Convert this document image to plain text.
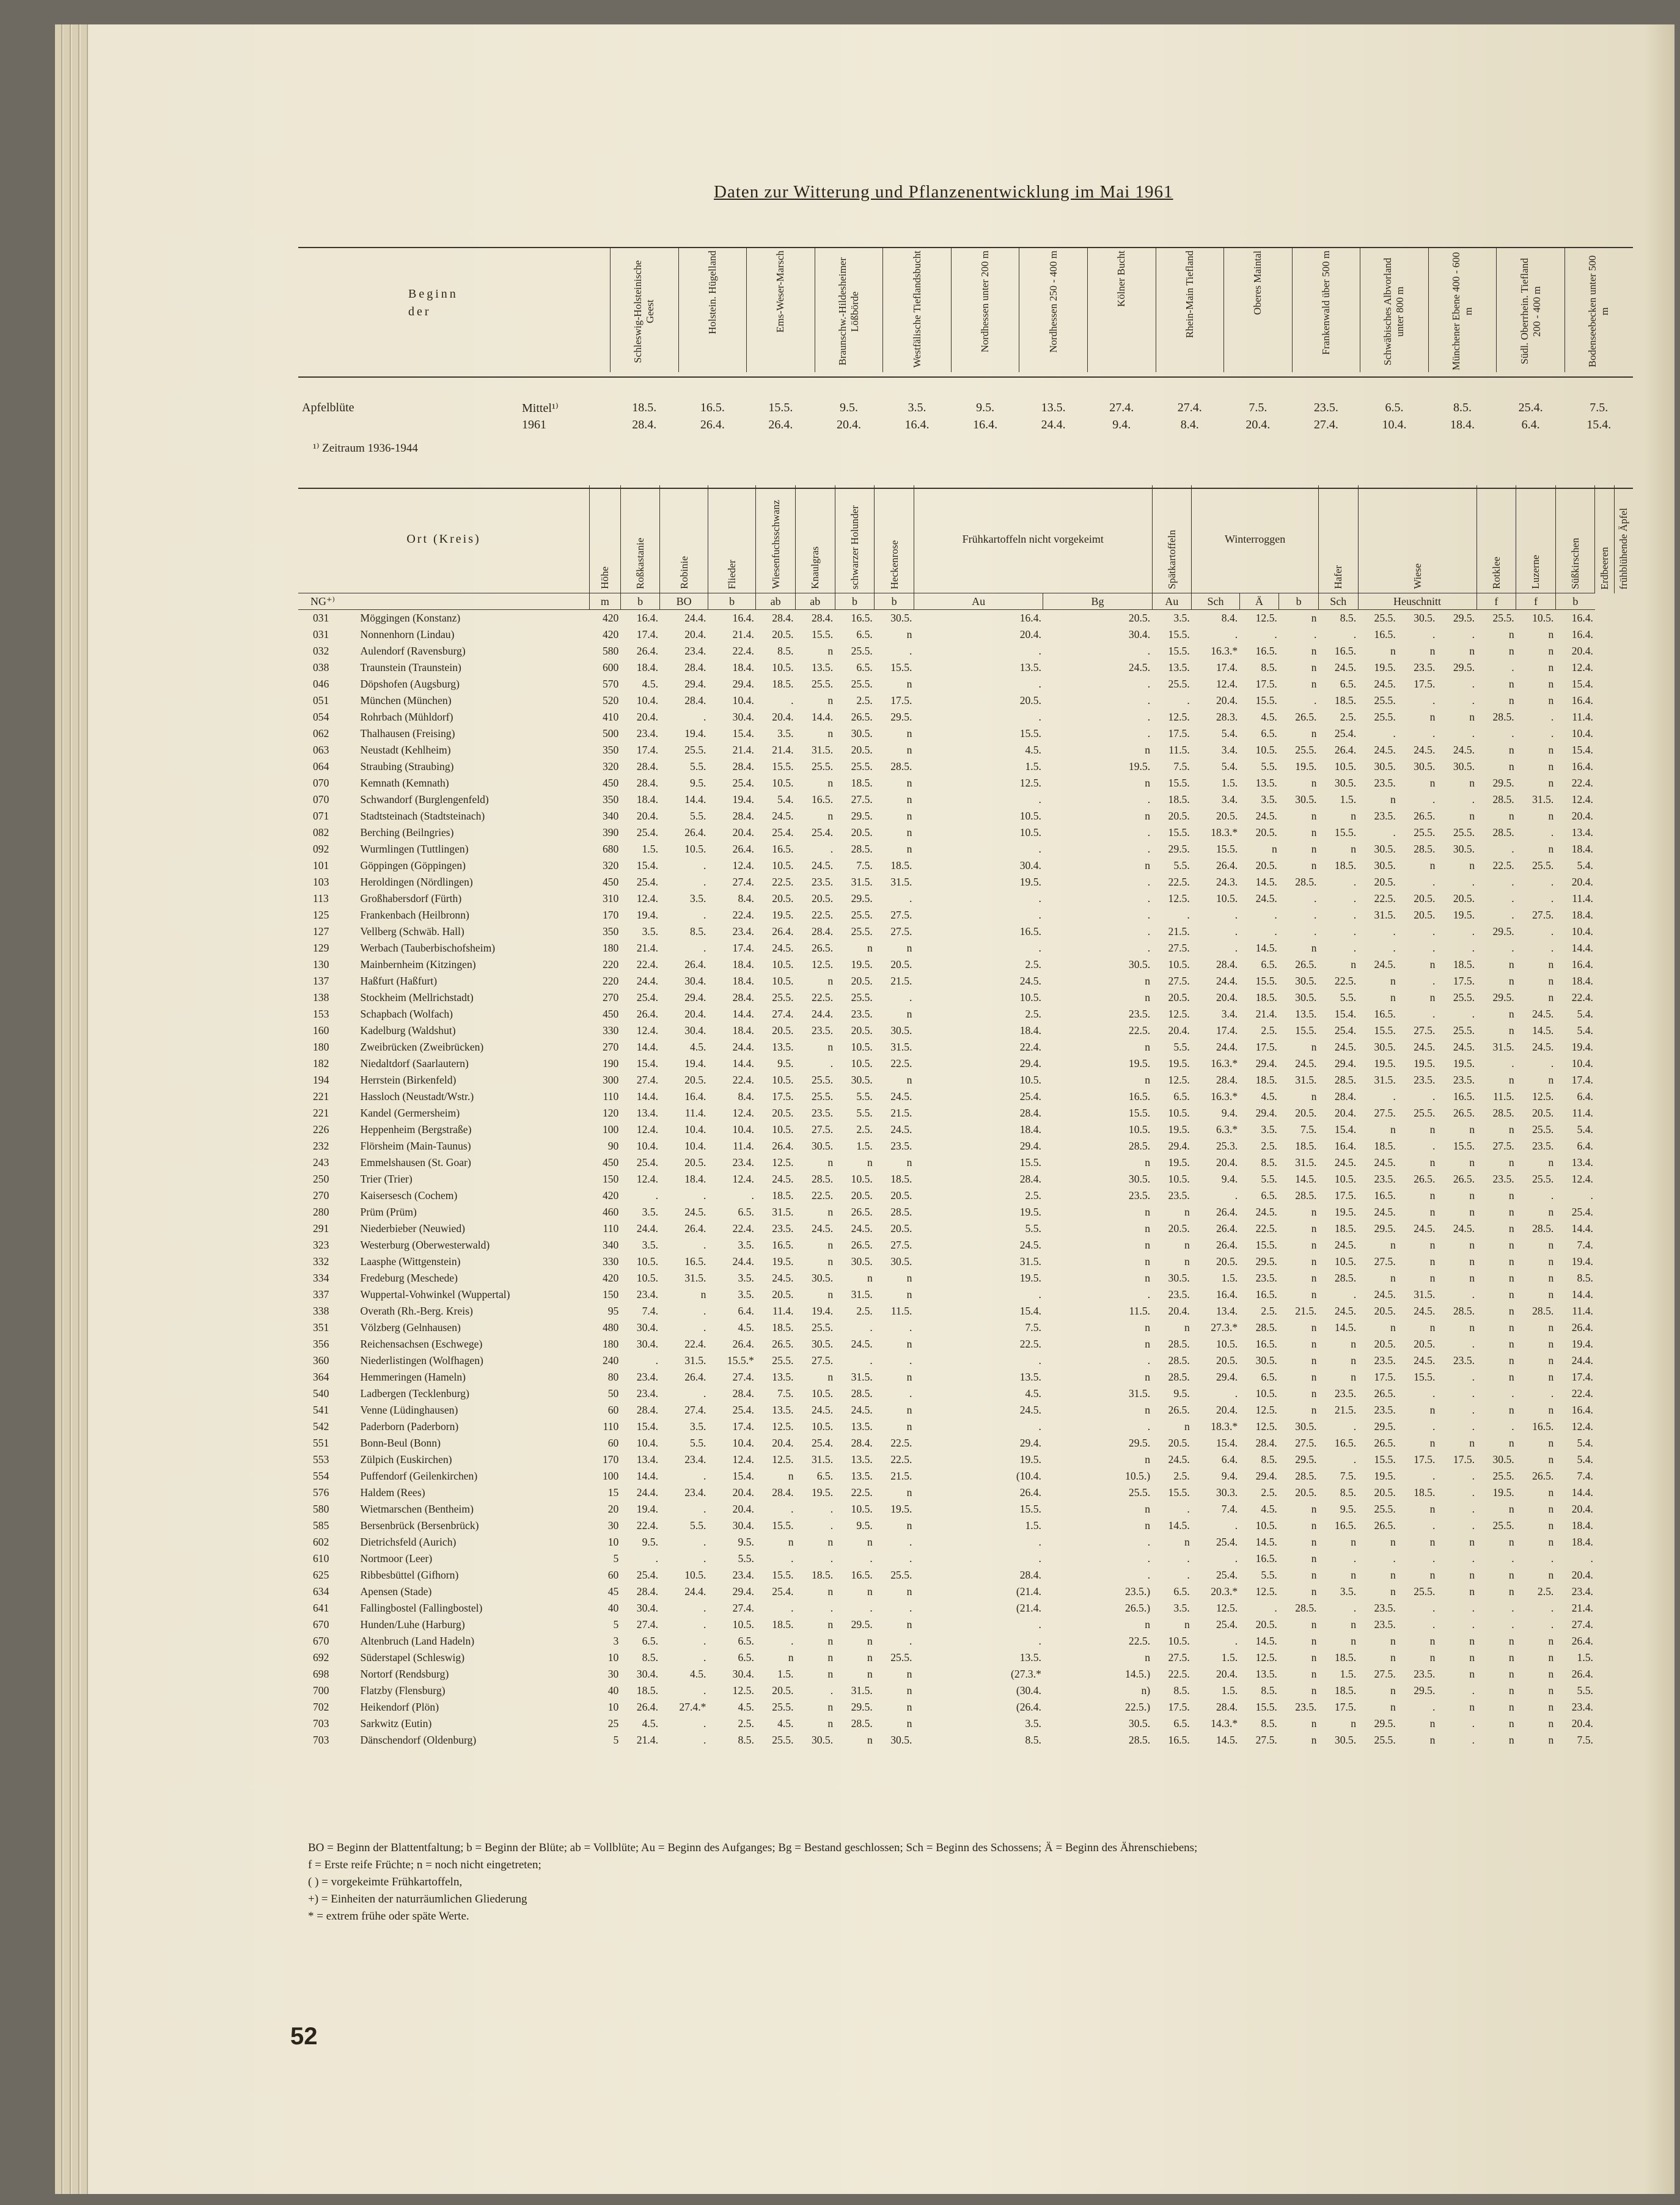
Daten zur Witterung und Pflanzenentwicklung im Mai 1961
Beginn
der		Schleswig-Holsteinische Geest	Holstein. Hügelland	Ems-Weser-Marsch	Braunschw.-Hildesheimer Lößbörde	Westfälische Tieflandsbucht	Nordhessen unter 200 m	Nordhessen 250 - 400 m	Kölner Bucht	Rhein-Main Tiefland	Oberes Maintal	Frankenwald über 500 m	Schwäbisches Albvorland unter 800 m	Münchener Ebene 400 - 600 m	Südl. Oberrhein. Tiefland 200 - 400 m	Bodenseebecken unter 500 m

Apfelblüte	Mittel¹⁾	18.5.	16.5.	15.5.	9.5.	3.5.	9.5.	13.5.	27.4.	27.4.	7.5.	23.5.	6.5.	8.5.	25.4.	7.5.
	1961	28.4.	26.4.	26.4.	20.4.	16.4.	16.4.	24.4.	9.4.	8.4.	20.4.	27.4.	10.4.	18.4.	6.4.	15.4.
¹⁾ Zeitraum 1936-1944
Ort (Kreis)		Höhe	Roßkastanie	Robinie	Flieder	Wiesenfuchsschwanz	Knaulgras	schwarzer Holunder	Heckenrose	Frühkartoffeln nicht vorgekeimt		Spätkartoffeln	Winterroggen			Hafer	Wiese			Rotklee	Luzerne	Süßkirschen	Erdbeeren	frühblühende Äpfel

NG⁺⁾		m	b	BO	b	ab	ab	b	b	Au	Bg	Au	Sch	Ä	b	Sch	Heuschnitt			f	f	b		
031	Möggingen (Konstanz)	420	16.4.	24.4.	16.4.	28.4.	28.4.	16.5.	30.5.	16.4.	20.5.	3.5.	8.4.	12.5.	n	8.5.	25.5.	30.5.	29.5.	25.5.	10.5.	16.4.		
031	Nonnenhorn (Lindau)	420	17.4.	20.4.	21.4.	20.5.	15.5.	6.5.	n	20.4.	30.4.	15.5.	.	.	.	.	16.5.	.	.	n	n	16.4.		
032	Aulendorf (Ravensburg)	580	26.4.	23.4.	22.4.	8.5.	n	25.5.	.	.	.	15.5.	16.3.*	16.5.	n	16.5.	n	n	n	n	n	20.4.		
038	Traunstein (Traunstein)	600	18.4.	28.4.	18.4.	10.5.	13.5.	6.5.	15.5.	13.5.	24.5.	13.5.	17.4.	8.5.	n	24.5.	19.5.	23.5.	29.5.	.	n	12.4.		
046	Döpshofen (Augsburg)	570	4.5.	29.4.	29.4.	18.5.	25.5.	25.5.	n	.	.	25.5.	12.4.	17.5.	n	6.5.	24.5.	17.5.	.	n	n	15.4.		
051	München (München)	520	10.4.	28.4.	10.4.	.	n	2.5.	17.5.	20.5.	.	.	20.4.	15.5.	.	18.5.	25.5.	.	.	n	n	16.4.		
054	Rohrbach (Mühldorf)	410	20.4.	.	30.4.	20.4.	14.4.	26.5.	29.5.	.	.	12.5.	28.3.	4.5.	26.5.	2.5.	25.5.	n	n	28.5.	.	11.4.		
062	Thalhausen (Freising)	500	23.4.	19.4.	15.4.	3.5.	n	30.5.	n	15.5.	.	17.5.	5.4.	6.5.	n	25.4.	.	.	.	.	.	10.4.		
063	Neustadt (Kehlheim)	350	17.4.	25.5.	21.4.	21.4.	31.5.	20.5.	n	4.5.	n	11.5.	3.4.	10.5.	25.5.	26.4.	24.5.	24.5.	24.5.	n	n	15.4.		
064	Straubing (Straubing)	320	28.4.	5.5.	28.4.	15.5.	25.5.	25.5.	28.5.	1.5.	19.5.	7.5.	5.4.	5.5.	19.5.	10.5.	30.5.	30.5.	30.5.	n	n	16.4.		
070	Kemnath (Kemnath)	450	28.4.	9.5.	25.4.	10.5.	n	18.5.	n	12.5.	n	15.5.	1.5.	13.5.	n	30.5.	23.5.	n	n	29.5.	n	22.4.		
070	Schwandorf (Burglengenfeld)	350	18.4.	14.4.	19.4.	5.4.	16.5.	27.5.	n	.	.	18.5.	3.4.	3.5.	30.5.	1.5.	n	.	.	28.5.	31.5.	12.4.		
071	Stadtsteinach (Stadtsteinach)	340	20.4.	5.5.	28.4.	24.5.	n	29.5.	n	10.5.	n	20.5.	20.5.	24.5.	n	n	23.5.	26.5.	n	n	n	20.4.		
082	Berching (Beilngries)	390	25.4.	26.4.	20.4.	25.4.	25.4.	20.5.	n	10.5.	.	15.5.	18.3.*	20.5.	n	15.5.	.	25.5.	25.5.	28.5.	.	13.4.		
092	Wurmlingen (Tuttlingen)	680	1.5.	10.5.	26.4.	16.5.	.	28.5.	n	.	.	29.5.	15.5.	n	n	n	30.5.	28.5.	30.5.	.	n	18.4.		
101	Göppingen (Göppingen)	320	15.4.	.	12.4.	10.5.	24.5.	7.5.	18.5.	30.4.	n	5.5.	26.4.	20.5.	n	18.5.	30.5.	n	n	22.5.	25.5.	5.4.		
103	Heroldingen (Nördlingen)	450	25.4.	.	27.4.	22.5.	23.5.	31.5.	31.5.	19.5.	.	22.5.	24.3.	14.5.	28.5.	.	20.5.	.	.	.	.	20.4.		
113	Großhabersdorf (Fürth)	310	12.4.	3.5.	8.4.	20.5.	20.5.	29.5.	.	.	.	12.5.	10.5.	24.5.	.	.	22.5.	20.5.	20.5.	.	.	11.4.		
125	Frankenbach (Heilbronn)	170	19.4.	.	22.4.	19.5.	22.5.	25.5.	27.5.	.	.	.	.	.	.	.	31.5.	20.5.	19.5.	.	27.5.	18.4.		
127	Vellberg (Schwäb. Hall)	350	3.5.	8.5.	23.4.	26.4.	28.4.	25.5.	27.5.	16.5.	.	21.5.	.	.	.	.	.	.	.	29.5.	.	10.4.		
129	Werbach (Tauberbischofsheim)	180	21.4.	.	17.4.	24.5.	26.5.	n	n	.	.	27.5.	.	14.5.	n	.	.	.	.	.	.	14.4.		
130	Mainbernheim (Kitzingen)	220	22.4.	26.4.	18.4.	10.5.	12.5.	19.5.	20.5.	2.5.	30.5.	10.5.	28.4.	6.5.	26.5.	n	24.5.	n	18.5.	n	n	16.4.		
137	Haßfurt (Haßfurt)	220	24.4.	30.4.	18.4.	10.5.	n	20.5.	21.5.	24.5.	n	27.5.	24.4.	15.5.	30.5.	22.5.	n	.	17.5.	n	n	18.4.		
138	Stockheim (Mellrichstadt)	270	25.4.	29.4.	28.4.	25.5.	22.5.	25.5.	.	10.5.	n	20.5.	20.4.	18.5.	30.5.	5.5.	n	n	25.5.	29.5.	n	22.4.		
153	Schapbach (Wolfach)	450	26.4.	20.4.	14.4.	27.4.	24.4.	23.5.	n	2.5.	23.5.	12.5.	3.4.	21.4.	13.5.	15.4.	16.5.	.	.	n	24.5.	5.4.		
160	Kadelburg (Waldshut)	330	12.4.	30.4.	18.4.	20.5.	23.5.	20.5.	30.5.	18.4.	22.5.	20.4.	17.4.	2.5.	15.5.	25.4.	15.5.	27.5.	25.5.	n	14.5.	5.4.		
180	Zweibrücken (Zweibrücken)	270	14.4.	4.5.	24.4.	13.5.	n	10.5.	31.5.	22.4.	n	5.5.	24.4.	17.5.	n	24.5.	30.5.	24.5.	24.5.	31.5.	24.5.	19.4.		
182	Niedaltdorf (Saarlautern)	190	15.4.	19.4.	14.4.	9.5.	.	10.5.	22.5.	29.4.	19.5.	19.5.	16.3.*	29.4.	24.5.	29.4.	19.5.	19.5.	19.5.	.	.	10.4.		
194	Herrstein (Birkenfeld)	300	27.4.	20.5.	22.4.	10.5.	25.5.	30.5.	n	10.5.	n	12.5.	28.4.	18.5.	31.5.	28.5.	31.5.	23.5.	23.5.	n	n	17.4.		
221	Hassloch (Neustadt/Wstr.)	110	14.4.	16.4.	8.4.	17.5.	25.5.	5.5.	24.5.	25.4.	16.5.	6.5.	16.3.*	4.5.	n	28.4.	.	.	16.5.	11.5.	12.5.	6.4.		
221	Kandel (Germersheim)	120	13.4.	11.4.	12.4.	20.5.	23.5.	5.5.	21.5.	28.4.	15.5.	10.5.	9.4.	29.4.	20.5.	20.4.	27.5.	25.5.	26.5.	28.5.	20.5.	11.4.		
226	Heppenheim (Bergstraße)	100	12.4.	10.4.	10.4.	10.5.	27.5.	2.5.	24.5.	18.4.	10.5.	19.5.	6.3.*	3.5.	7.5.	15.4.	n	n	n	n	25.5.	5.4.		
232	Flörsheim (Main-Taunus)	90	10.4.	10.4.	11.4.	26.4.	30.5.	1.5.	23.5.	29.4.	28.5.	29.4.	25.3.	2.5.	18.5.	16.4.	18.5.	.	15.5.	27.5.	23.5.	6.4.		
243	Emmelshausen (St. Goar)	450	25.4.	20.5.	23.4.	12.5.	n	n	n	15.5.	n	19.5.	20.4.	8.5.	31.5.	24.5.	24.5.	n	n	n	n	13.4.		
250	Trier (Trier)	150	12.4.	18.4.	12.4.	24.5.	28.5.	10.5.	18.5.	28.4.	30.5.	10.5.	9.4.	5.5.	14.5.	10.5.	23.5.	26.5.	26.5.	23.5.	25.5.	12.4.		
270	Kaisersesch (Cochem)	420	.	.	.	18.5.	22.5.	20.5.	20.5.	2.5.	23.5.	23.5.	.	6.5.	28.5.	17.5.	16.5.	n	n	n	.	.		
280	Prüm (Prüm)	460	3.5.	24.5.	6.5.	31.5.	n	26.5.	28.5.	19.5.	n	n	26.4.	24.5.	n	19.5.	24.5.	n	n	n	n	25.4.		
291	Niederbieber (Neuwied)	110	24.4.	26.4.	22.4.	23.5.	24.5.	24.5.	20.5.	5.5.	n	20.5.	26.4.	22.5.	n	18.5.	29.5.	24.5.	24.5.	n	28.5.	14.4.		
323	Westerburg (Oberwesterwald)	340	3.5.	.	3.5.	16.5.	n	26.5.	27.5.	24.5.	n	n	26.4.	15.5.	n	24.5.	n	n	n	n	n	7.4.		
332	Laasphe (Wittgenstein)	330	10.5.	16.5.	24.4.	19.5.	n	30.5.	30.5.	31.5.	n	n	20.5.	29.5.	n	10.5.	27.5.	n	n	n	n	19.4.		
334	Fredeburg (Meschede)	420	10.5.	31.5.	3.5.	24.5.	30.5.	n	n	19.5.	n	30.5.	1.5.	23.5.	n	28.5.	n	n	n	n	n	8.5.		
337	Wuppertal-Vohwinkel (Wuppertal)	150	23.4.	n	3.5.	20.5.	n	31.5.	n	.	.	23.5.	16.4.	16.5.	n	.	24.5.	31.5.	.	n	n	14.4.		
338	Overath (Rh.-Berg. Kreis)	95	7.4.	.	6.4.	11.4.	19.4.	2.5.	11.5.	15.4.	11.5.	20.4.	13.4.	2.5.	21.5.	24.5.	20.5.	24.5.	28.5.	n	28.5.	11.4.		
351	Völzberg (Gelnhausen)	480	30.4.	.	4.5.	18.5.	25.5.	.	.	7.5.	n	n	27.3.*	28.5.	n	14.5.	n	n	n	n	n	26.4.		
356	Reichensachsen (Eschwege)	180	30.4.	22.4.	26.4.	26.5.	30.5.	24.5.	n	22.5.	n	28.5.	10.5.	16.5.	n	n	20.5.	20.5.	.	n	n	19.4.		
360	Niederlistingen (Wolfhagen)	240	.	31.5.	15.5.*	25.5.	27.5.	.	.	.	.	28.5.	20.5.	30.5.	n	n	23.5.	24.5.	23.5.	n	n	24.4.		
364	Hemmeringen (Hameln)	80	23.4.	26.4.	27.4.	13.5.	n	31.5.	n	13.5.	n	28.5.	29.4.	6.5.	n	n	17.5.	15.5.	.	n	n	17.4.		
540	Ladbergen (Tecklenburg)	50	23.4.	.	28.4.	7.5.	10.5.	28.5.	.	4.5.	31.5.	9.5.	.	10.5.	n	23.5.	26.5.	.	.	.	.	22.4.		
541	Venne (Lüdinghausen)	60	28.4.	27.4.	25.4.	13.5.	24.5.	24.5.	n	24.5.	n	26.5.	20.4.	12.5.	n	21.5.	23.5.	n	.	n	n	16.4.		
542	Paderborn (Paderborn)	110	15.4.	3.5.	17.4.	12.5.	10.5.	13.5.	n	.	.	n	18.3.*	12.5.	30.5.	.	29.5.	.	.	.	16.5.	12.4.		
551	Bonn-Beul (Bonn)	60	10.4.	5.5.	10.4.	20.4.	25.4.	28.4.	22.5.	29.4.	29.5.	20.5.	15.4.	28.4.	27.5.	16.5.	26.5.	n	n	n	n	5.4.		
553	Zülpich (Euskirchen)	170	13.4.	23.4.	12.4.	12.5.	31.5.	13.5.	22.5.	19.5.	n	24.5.	6.4.	8.5.	29.5.	.	15.5.	17.5.	17.5.	30.5.	n	5.4.		
554	Puffendorf (Geilenkirchen)	100	14.4.	.	15.4.	n	6.5.	13.5.	21.5.	(10.4.	10.5.)	2.5.	9.4.	29.4.	28.5.	7.5.	19.5.	.	.	25.5.	26.5.	7.4.		
576	Haldem (Rees)	15	24.4.	23.4.	20.4.	28.4.	19.5.	22.5.	n	26.4.	25.5.	15.5.	30.3.	2.5.	20.5.	8.5.	20.5.	18.5.	.	19.5.	n	14.4.		
580	Wietmarschen (Bentheim)	20	19.4.	.	20.4.	.	.	10.5.	19.5.	15.5.	n	.	7.4.	4.5.	n	9.5.	25.5.	n	.	n	n	20.4.		
585	Bersenbrück (Bersenbrück)	30	22.4.	5.5.	30.4.	15.5.	.	9.5.	n	1.5.	n	14.5.	.	10.5.	n	16.5.	26.5.	.	.	25.5.	n	18.4.		
602	Dietrichsfeld (Aurich)	10	9.5.	.	9.5.	n	n	n	.	.	.	n	25.4.	14.5.	n	n	n	n	n	n	n	18.4.		
610	Nortmoor (Leer)	5	.	.	5.5.	.	.	.	.	.	.	.	.	16.5.	n	.	.	.	.	.	.	.		
625	Ribbesbüttel (Gifhorn)	60	25.4.	10.5.	23.4.	15.5.	18.5.	16.5.	25.5.	28.4.	.	.	25.4.	5.5.	n	n	n	n	n	n	n	20.4.		
634	Apensen (Stade)	45	28.4.	24.4.	29.4.	25.4.	n	n	n	(21.4.	23.5.)	6.5.	20.3.*	12.5.	n	3.5.	n	25.5.	n	n	2.5.	23.4.		
641	Fallingbostel (Fallingbostel)	40	30.4.	.	27.4.	.	.	.	.	(21.4.	26.5.)	3.5.	12.5.	.	28.5.	.	23.5.	.	.	.	.	21.4.		
670	Hunden/Luhe (Harburg)	5	27.4.	.	10.5.	18.5.	n	29.5.	n	.	n	n	25.4.	20.5.	n	n	23.5.	.	.	.	.	27.4.		
670	Altenbruch (Land Hadeln)	3	6.5.	.	6.5.	.	n	n	.	.	22.5.	10.5.	.	14.5.	n	n	n	n	n	n	n	26.4.		
692	Süderstapel (Schleswig)	10	8.5.	.	6.5.	n	n	n	25.5.	13.5.	n	27.5.	1.5.	12.5.	n	18.5.	n	n	n	n	n	1.5.		
698	Nortorf (Rendsburg)	30	30.4.	4.5.	30.4.	1.5.	n	n	n	(27.3.*	14.5.)	22.5.	20.4.	13.5.	n	1.5.	27.5.	23.5.	n	n	n	26.4.		
700	Flatzby (Flensburg)	40	18.5.	.	12.5.	20.5.	.	31.5.	n	(30.4.	n)	8.5.	1.5.	8.5.	n	18.5.	n	29.5.	.	n	n	5.5.		
702	Heikendorf (Plön)	10	26.4.	27.4.*	4.5.	25.5.	n	29.5.	n	(26.4.	22.5.)	17.5.	28.4.	15.5.	23.5.	17.5.	n	.	n	n	n	23.4.		
703	Sarkwitz (Eutin)	25	4.5.	.	2.5.	4.5.	n	28.5.	n	3.5.	30.5.	6.5.	14.3.*	8.5.	n	n	29.5.	n	.	n	n	20.4.		
703	Dänschendorf (Oldenburg)	5	21.4.	.	8.5.	25.5.	30.5.	n	30.5.	8.5.	28.5.	16.5.	14.5.	27.5.	n	30.5.	25.5.	n	.	n	n	7.5.		
BO = Beginn der Blattentfaltung; b = Beginn der Blüte; ab = Vollblüte; Au = Beginn des Aufganges; Bg = Bestand geschlossen; Sch = Beginn des Schossens; Ä = Beginn des Ährenschiebens;
f = Erste reife Früchte; n = noch nicht eingetreten;
( ) = vorgekeimte Frühkartoffeln,
+) = Einheiten der naturräumlichen Gliederung
* = extrem frühe oder späte Werte.
52
